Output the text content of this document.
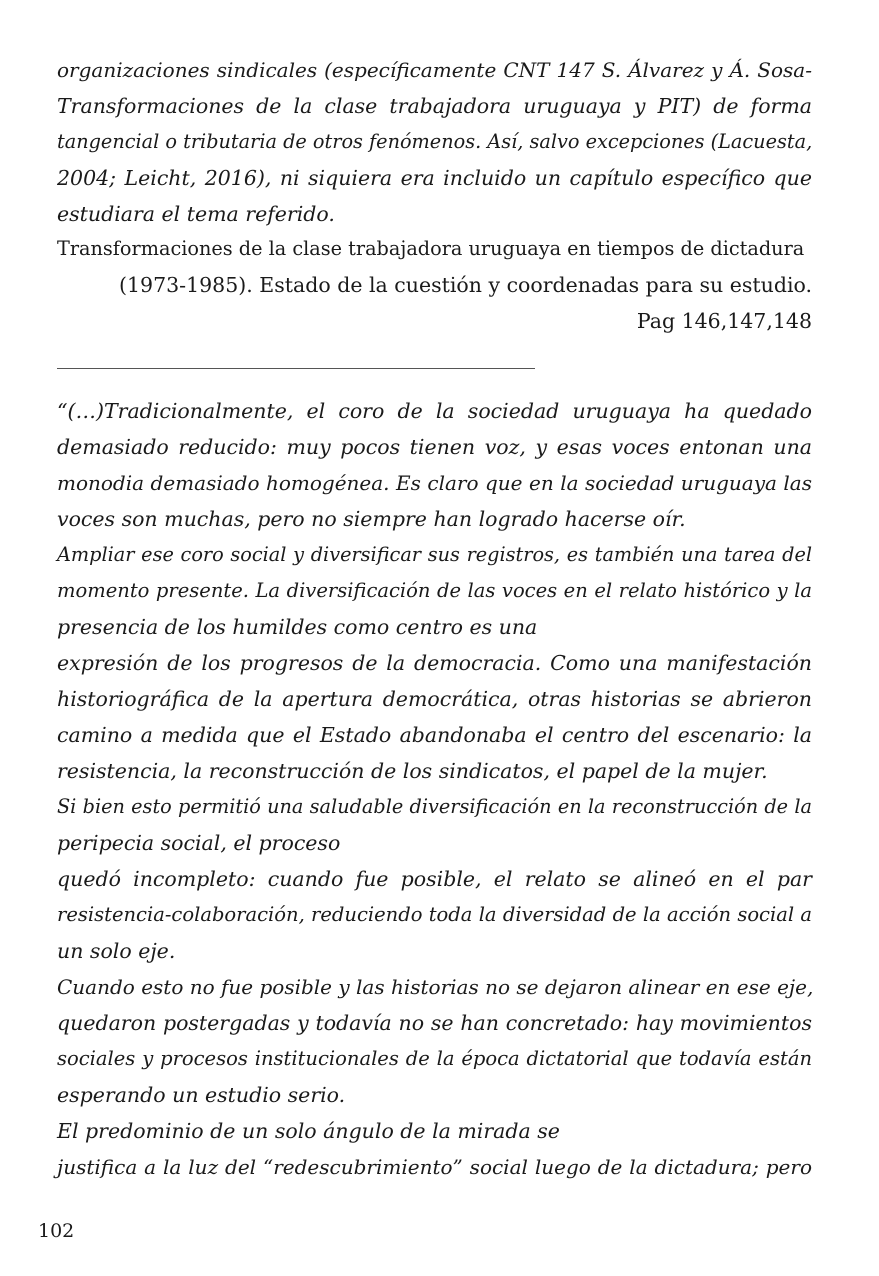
organizaciones sindicales (específicamente CNT 147 S. Álvarez y Á. Sosa-
Transformaciones de la clase trabajadora uruguaya y PIT) de forma
tangencial o tributaria de otros fenómenos. Así, salvo excepciones (Lacuesta,
2004; Leicht, 2016), ni siquiera era incluido un capítulo específico que
estudiara el tema referido.
Transformaciones de la clase trabajadora uruguaya en tiempos de dictadura
(1973-1985). Estado de la cuestión y coordenadas para su estudio.
Pag 146,147,148
“(…)Tradicionalmente, el coro de la sociedad uruguaya ha quedado
demasiado reducido: muy pocos tienen voz, y esas voces entonan una
monodia demasiado homogénea. Es claro que en la sociedad uruguaya las
voces son muchas, pero no siempre han logrado hacerse oír.
Ampliar ese coro social y diversificar sus registros, es también una tarea del
momento presente. La diversificación de las voces en el relato histórico y la
presencia de los humildes como centro es una
expresión de los progresos de la democracia. Como una manifestación
historiográfica de la apertura democrática, otras historias se abrieron
camino a medida que el Estado abandonaba el centro del escenario: la
resistencia, la reconstrucción de los sindicatos, el papel de la mujer.
Si bien esto permitió una saludable diversificación en la reconstrucción de la
peripecia social, el proceso
quedó incompleto: cuando fue posible, el relato se alineó en el par
resistencia-colaboración, reduciendo toda la diversidad de la acción social a
un solo eje.
Cuando esto no fue posible y las historias no se dejaron alinear en ese eje,
quedaron postergadas y todavía no se han concretado: hay movimientos
sociales y procesos institucionales de la época dictatorial que todavía están
esperando un estudio serio.
El predominio de un solo ángulo de la mirada se
justifica a la luz del “redescubrimiento” social luego de la dictadura; pero
102
